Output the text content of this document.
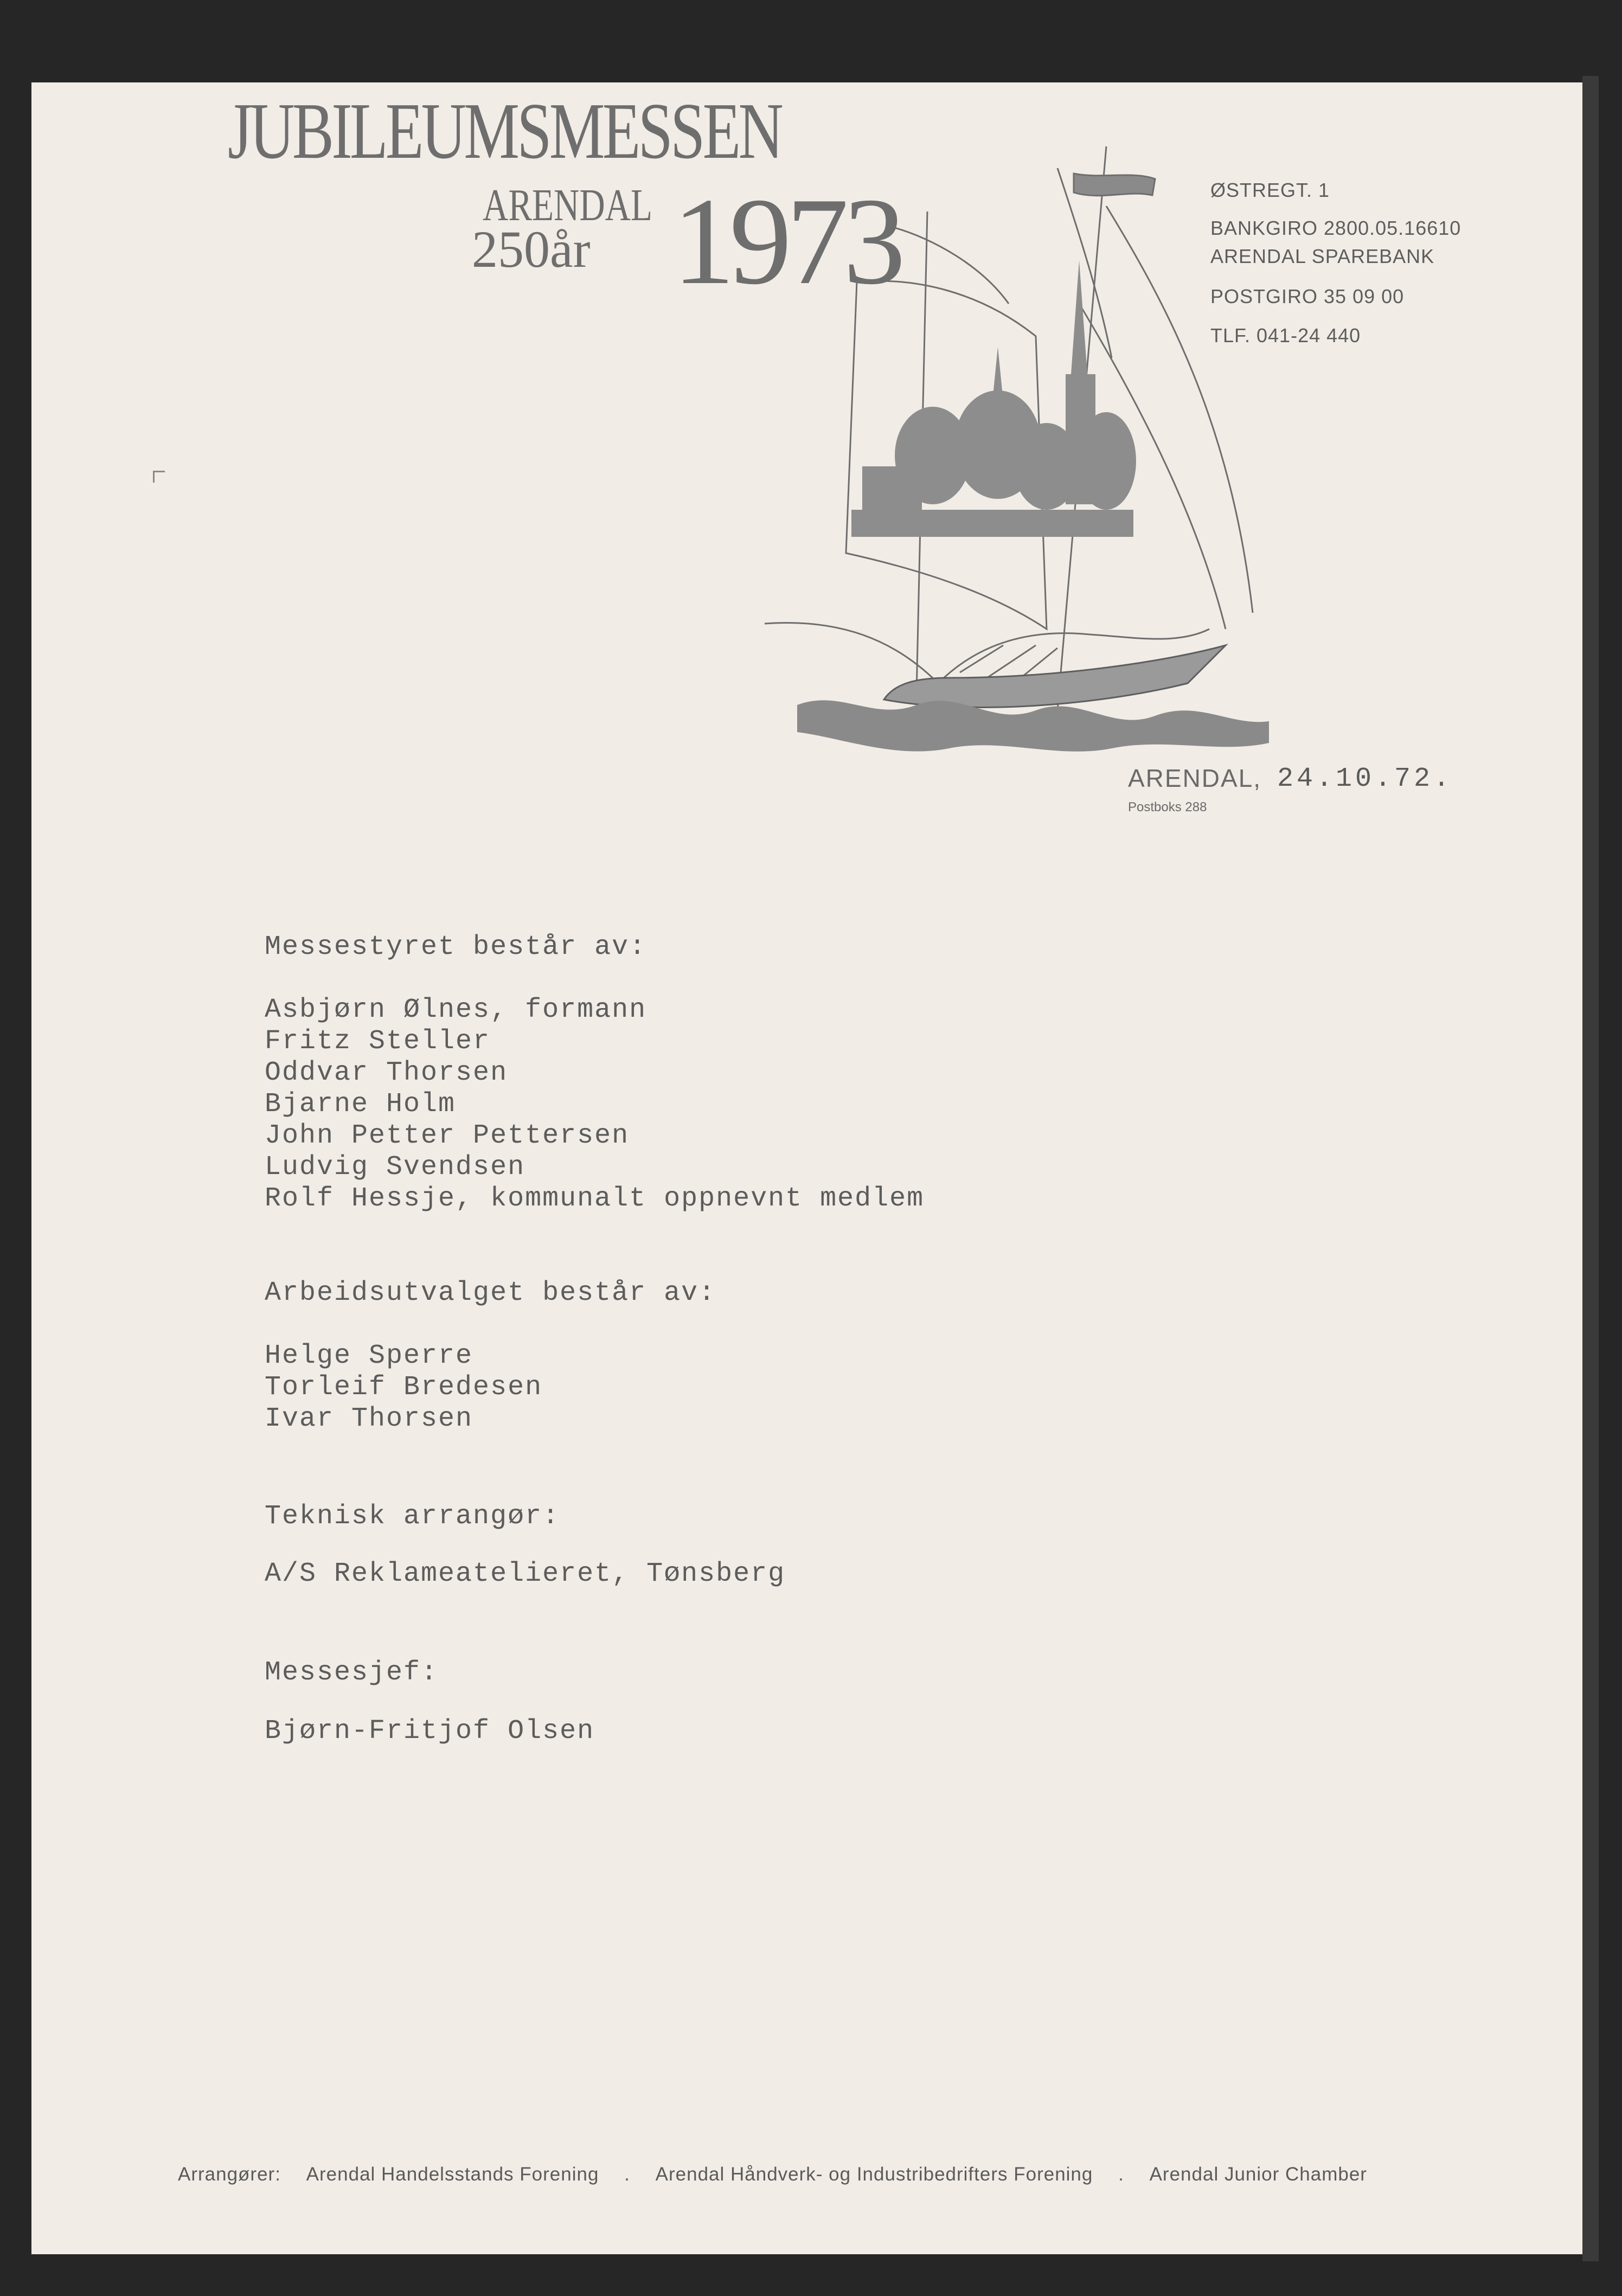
JUBILEUMSMESSEN
ARENDAL
250år 1973	ØSTREGT. 1
BANKGIRO 2800.05.16610
ARENDAL SPAREBANK
POSTGIRO 35 09 00
TLF. 041-24 440
ARENDAL, 24.10.72.
Postboks 288
Messestyret består av:
Asbjørn Ølnes, formann
Fritz Steller
Oddvar Thorsen
Bjarne Holm
John Petter Pettersen
Ludvig Svendsen
Rolf Hessje, kommunalt oppnevnt medlem
Arbeidsutvalget består av:
Helge Sperre
Torleif Bredesen
Ivar Thorsen
Teknisk arrangør:
A/S Reklameatelieret, Tønsberg
Messesjef:
Bjørn-Fritjof Olsen
Arrangører: Arendal Handelsstands Forening . Arendal Håndverk- og Industribedrifters Forening . Arendal Junior Chamber
